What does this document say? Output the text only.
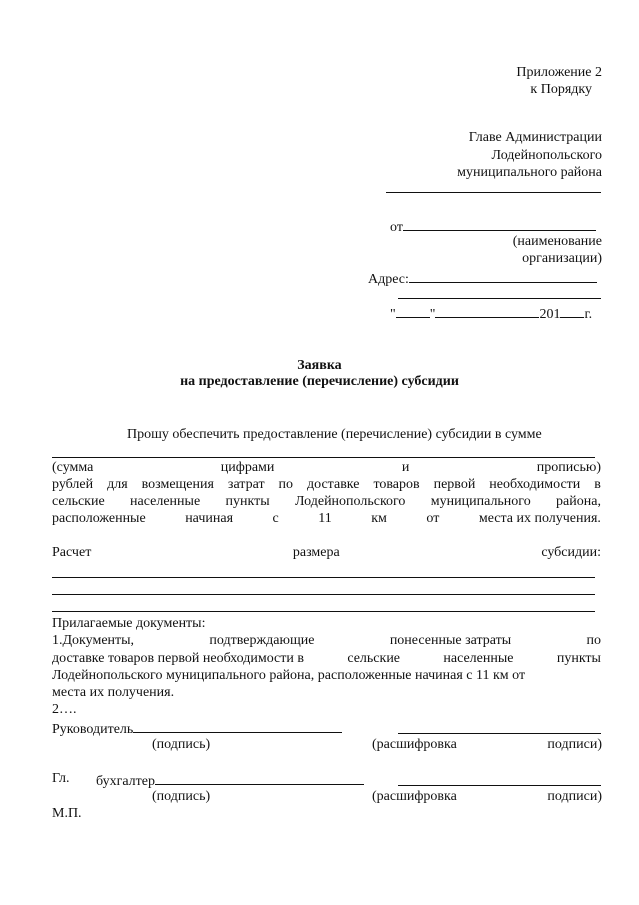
Приложение 2
к Порядку
Главе Администрации
Лодейнопольского
муниципального района
от
(наименование
организации)
Адрес:
" "	201 г.
Заявка
на предоставление (перечисление) субсидии
Прошу обеспечить предоставление (перечисление) субсидии в сумме
(сумма	цифрами	и	прописью)
рублей для возмещения затрат по доставке товаров первой необходимости в
сельские населенные пункты Лодейнопольского муниципального района,
расположенные	начиная	с	11	км	от	места их получения.
Расчет	размера	субсидии:
Прилагаемые документы:
1.Документы,	подтверждающие	понесенные затраты	по
доставке товаров первой необходимости в	сельские	населенные	пункты
Лодейнопольского муниципального района, расположенные начиная с 11 км от
места их получения.
2….
Руководитель
(подпись)	(расшифровка	подписи)
Гл. бухгалтер
(подпись)	(расшифровка	подписи)
М.П.
